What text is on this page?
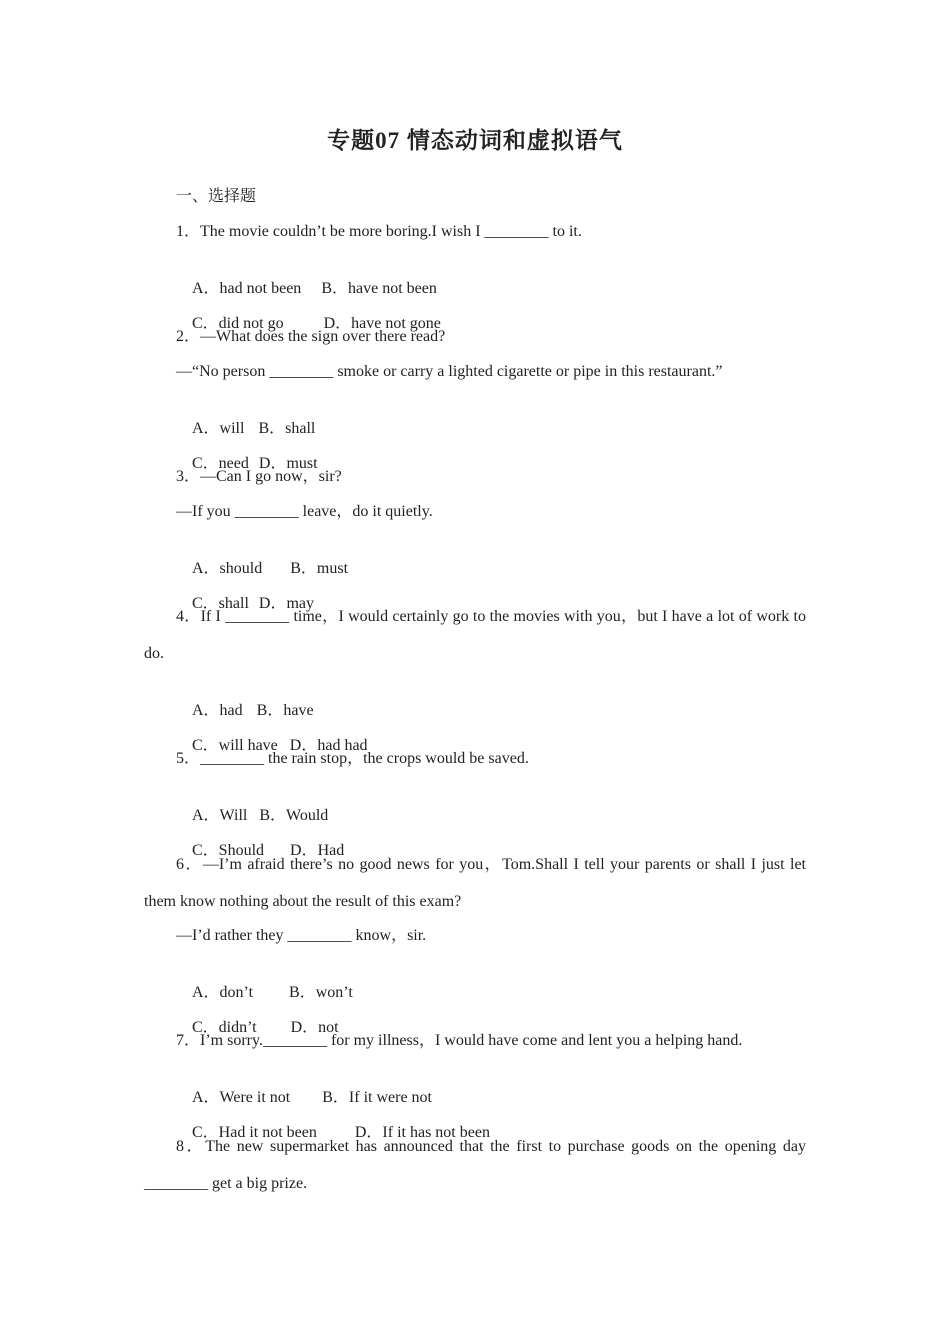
专题07 情态动词和虚拟语气
一、选择题
1．The movie couldn’t be more boring.I wish I ________ to it.

A．had not been B．have not been

C．did not go	D．have not gone

2．—What does the sign over there read?
—“No person ________ smoke or carry a lighted cigarette or pipe in this restaurant.”

A．will B．shall

C．need D．must

3．—Can I go now，sir?
—If you ________ leave，do it quietly.

A．should B．must

C．shall D．may

4．If I ________ time，I would certainly go to the movies with you，but I have a lot of work to do.

A．had B．have

C．will have D．had had

5．________ the rain stop，the crops would be saved.

A．Will B．Would

C．Should D．Had

6．—I’m afraid there’s no good news for you，Tom.Shall I tell your parents or shall I just let them know nothing about the result of this exam?
—I’d rather they ________ know，sir.

A．don’t B．won’t

C．didn’t D．not

7．I’m sorry.________ for my illness，I would have come and lent you a helping hand.

A．Were it not B．If it were not

C．Had it not been D．If it has not been

8．The new supermarket has announced that the first to purchase goods on the opening day ________ get a big prize.
